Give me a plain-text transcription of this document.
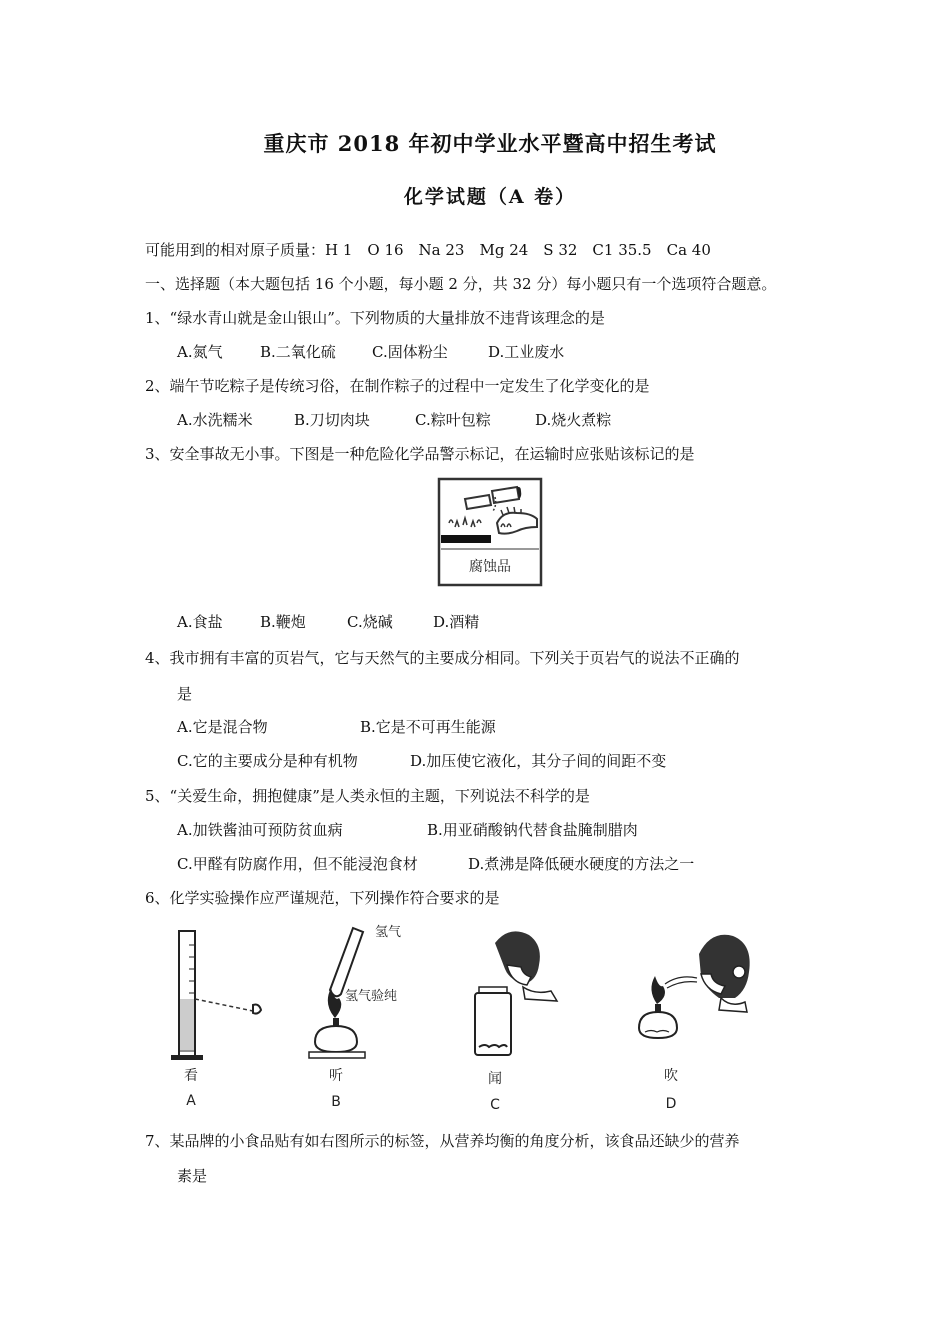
重庆市 2018 年初中学业水平暨高中招生考试
化学试题（A 卷）
可能用到的相对原子质量：H 1　O 16　Na 23　Mg 24　S 32　C1 35.5　Ca 40
一、选择题（本大题包括 16 个小题，每小题 2 分，共 32 分）每小题只有一个选项符合题意。
1、“绿水青山就是金山银山”。下列物质的大量排放不违背该理念的是
A.氮气 B.二氧化硫 C.固体粉尘	D.工业废水
2、端午节吃粽子是传统习俗，在制作粽子的过程中一定发生了化学变化的是
A.水洗糯米	B.刀切肉块	C.粽叶包粽	D.烧火煮粽
3、安全事故无小事。下图是一种危险化学品警示标记，在运输时应张贴该标记的是
腐蚀品
A.食盐 B.鞭炮	C.烧碱	D.酒精
4、我市拥有丰富的页岩气，它与天然气的主要成分相同。下列关于页岩气的说法不正确的
是
A.它是混合物	B.它是不可再生能源
C.它的主要成分是种有机物	D.加压使它液化，其分子间的间距不变
5、“关爱生命，拥抱健康”是人类永恒的主题，下列说法不科学的是
A.加铁酱油可预防贫血病	B.用亚硝酸钠代替食盐腌制腊肉
C.甲醛有防腐作用，但不能浸泡食材	D.煮沸是降低硬水硬度的方法之一
6、化学实验操作应严谨规范，下列操作符合要求的是
看
A
氢气
氢气验纯
听
B
闻
C
吹
D
7、某品牌的小食品贴有如右图所示的标签，从营养均衡的角度分析，该食品还缺少的营养
素是
